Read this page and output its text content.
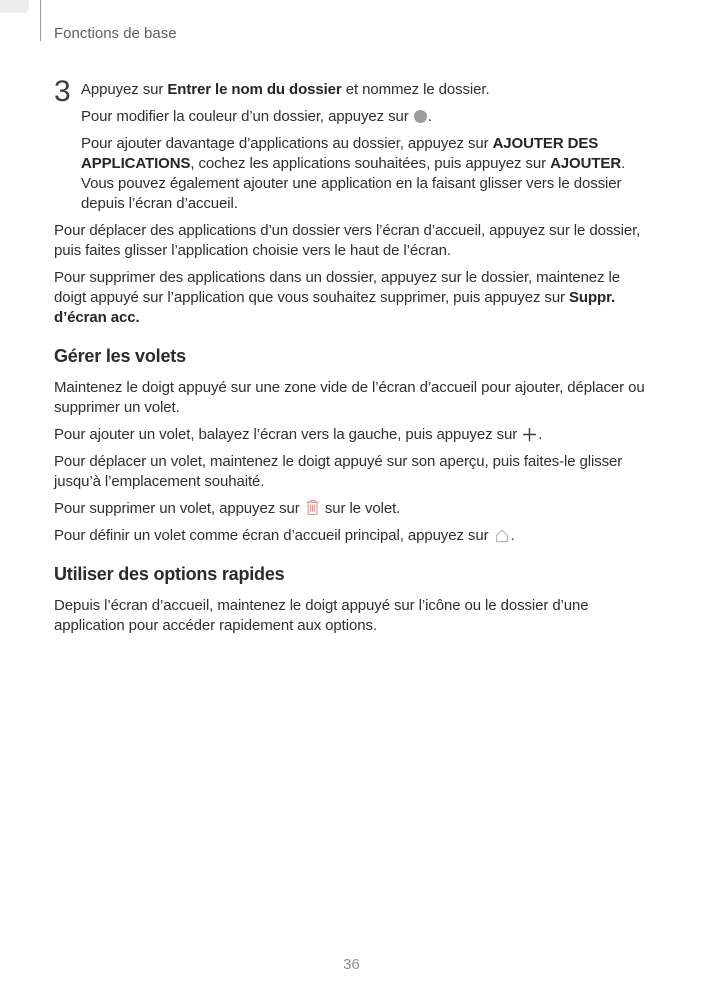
Fonctions de base
3 Appuyez sur Entrer le nom du dossier et nommez le dossier.

Pour modifier la couleur d’un dossier, appuyez sur .

Pour ajouter davantage d’applications au dossier, appuyez sur AJOUTER DES APPLICATIONS, cochez les applications souhaitées, puis appuyez sur AJOUTER. Vous pouvez également ajouter une application en la faisant glisser vers le dossier depuis l’écran d’accueil.

Pour déplacer des applications d’un dossier vers l’écran d’accueil, appuyez sur le dossier, puis faites glisser l’application choisie vers le haut de l’écran.

Pour supprimer des applications dans un dossier, appuyez sur le dossier, maintenez le doigt appuyé sur l’application que vous souhaitez supprimer, puis appuyez sur Suppr. d’écran acc.

Gérer les volets

Maintenez le doigt appuyé sur une zone vide de l’écran d’accueil pour ajouter, déplacer ou supprimer un volet.

Pour ajouter un volet, balayez l’écran vers la gauche, puis appuyez sur .

Pour déplacer un volet, maintenez le doigt appuyé sur son aperçu, puis faites-le glisser jusqu’à l’emplacement souhaité.

Pour supprimer un volet, appuyez sur  sur le volet.

Pour définir un volet comme écran d’accueil principal, appuyez sur .

Utiliser des options rapides

Depuis l’écran d’accueil, maintenez le doigt appuyé sur l’icône ou le dossier d’une application pour accéder rapidement aux options.

36
